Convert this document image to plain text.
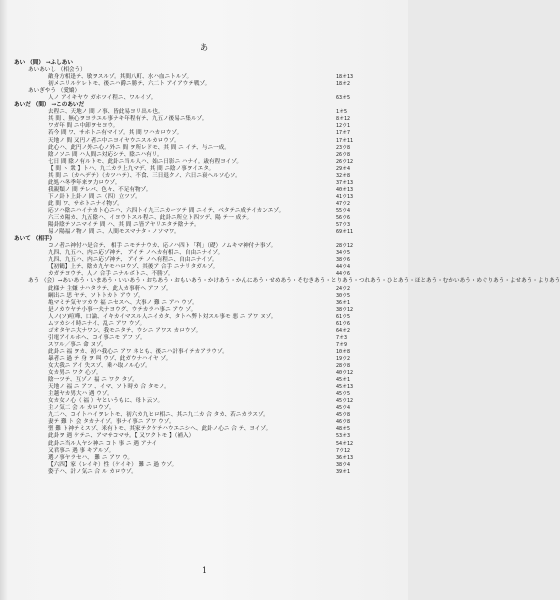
あ
あい （間） →ふしあい
あいあいし （相会う）
敵身方相逢テ、敏ヲスルゾ。其間八町、水ハ血ニトルゾ。	18オ13
初メニリルケレトモ、後ニハ爵ニ勝テ、六二ト アイアウテ戦ゾ。	18オ2
あいぎやう （愛嬌）
人ノ アイキヤウ ガホツイ程ニ、ワルイゾ。	63オ5
あいだ （間） →このあいだ
去程ニ、天地ノ 間 ノ事、皆此易ヨリ出ル也。	1オ5
其 間 、無心ヲヨラユル事ナキ年程有テ、九五ノ後易ニ集ルゾ。	8オ12
ワガ年 間 ニ中卸ヲセヨウ。	12ウ1
若今 間 ワ、サホトニ有マイゾ。其 間 ワハカロウゾ。	17オ7
天地ノ 間 又円ノ者ニ中ニヨイヤウニスルカロウゾ。	17オ11
此心ハ、此円ノ外ニ心ノ外ニ 間 ヲ所レドモ、其 間 ニ イテ、与ニ一成。	23ウ8
陰ノソニ 間 ハ人間ニ対応シテ、陰ニハ有リ。	26ウ8
七日 間 陰ノ有ルトモ、此卦ニ当ル人ハ、始ニ日影ニ ハナイ。歳有程ヨイゾ。	26ウ12
【 間 ヽ 衆 】トハ、九二カラ上九マデ、其 間 ニ陰ノ事ヲイエタ。	29オ4
其 間 ニ（カヘデテ）（カツハテ）、不食、三日退クノ、六日ニ衰ヘルソ心ソ。	32オ8
此処ハ冬季年来ヲ力ロウゾ。	37オ13
我親類ノ 間 テレバ、色々、不足有物ゾ。	40オ13
下ノ卦ト上卦ノ 間 ニ（四）立ツゾ。	41ウ13
此 間 ワ、サホトニナイ物ゾ。	47ウ2
応ソハ陰ニハイナカト心ニハ、六四トイ九三ニカーツテ 間 ニイテ、ベタテニ成テイカンエゾ。	55ウ4
六三カ陽カ、九五陰ハ、イヨウトスル程ニ、此卦ニ所立ト四ツデ、陽 テ一 成テ。	56ウ6
陽卦陰テソニマイテ 間 ハ、其 間 ニ皆アヤリエタテ陰ナテ。	57ウ3
易ノ陽福ノ物ノ 間 ニ、人間モスマナタ・ノソマワ。	69オ11
あいて （相手）
コノ者ニ神付ハ是合テ、 相手 ニモテナウカ、応ノハ四ト「利」（礎）ノムキマ神付ナ事ゾ。	28ウ12
九四、九五ハ、内ニ応ゾ神テ、 アイテ ノヘカ有相ニ、自由ニナイゾ。	34ウ5
九四、九五ハ、内ニ応ゾ神テ、 アイテ ノヘ有程ニ、自由ニナイゾ。	38ウ6
【初鶴】上テ、陰カ九ヤモハロウゾ、其後ア 合手 ニナリタガルゾ。	44ウ4
カガテヨウテ、人ノ 合手 ニナルボトニ、不勝ゾ。	44ウ6
あう （会）→あいあう・いまあう・いいあう・おちあう・おもいあう・かけあう・かんにあう・せめあう・そむきあう・とりあう・つれあう・ひとあう・ほとあう・むかいあう・めぐりあう・よせあう・よりあう
此様ナ 主嫌 ナハタラテ、此人カ事軒ヘ アフ ゾ。	24ウ2
綱出ニ 思 ヤテ、ソトトカト アウ ゾ。	30ウ5
亀マミテ気ヤツカウ 福 ニセスヘ、大事ノ 難 ニ アハ ウゾ。	36オ1
是ノカウヤテ小事一夫ナヨウグ、ウテカラハ事ニ アウ ゾ。	38ウ12
人ノ(ソ)喧嘩、口論、イキカイマスル人ニイカタ、タトヘ弊ト対スル事モ 悪 ニ アワ ヌゾ。	61ウ5
ムツカシイ時ニナイ、乱ニ アワ ウゾ。	61ウ6
ゴオタヤニ大ナワン、我モニタテ、ウシニ アワス カロウゾ。	64オ2
引電アイルホヘ、コイ事ニモ アフ ゾ。	7オ3
スワル／事ニ 命 ヌゾ。	7オ9
此卦ニ 福 ヲカ、初ハ我心ニ アワ ネとも、後ニハ計事イテカアラウゾ。	10オ8
暴者ニ 過 テ 身 ヲ 叫 ウゾ、此ガウナハイヤ ゾ。	19ウ2
女大我ニ アイ 失スゾ、乗ハ取ノル心ゾ。	28ウ8
女カ男ニ ワク 心ゾ。	40ウ12
陰一ツテ、互ゾノ 福 ニ ワク タゾ。	45オ1
天地ノ 福 ニ アフ 、イマ、ソト時カ 合 タモノ。	45オ13
主越ヤカ男大ハ 遇 ウゾ。	45ウ5
女カ女ノ心（ 福 ）ヤというもに、母ト云ソ。	45ウ12
主ノ気二 会 ル カロウゾ。	45ウ4
九二ハ、コイトハイヲレトモ、初六カ九ヒロ相ニ、其ニ九二カ 合 タカ、若ニカラスゾ。	45ウ8
妻テ 難 ト 会 タカナイゾ。事ナイ事ニ アワ ウゾ。	46ウ8
聖 難 ト神テミスゾ、米有トモ、其家テクケテハウエニシヘ、此卦ノ心ニ 合 テ、ヨイゾ。	48オ5
此卦ヲ 遇 ケテニ、アマサコマサ。【 又ワクトモ 】（補入）	53オ3
此卦ニ当ル人ヤシ神ニ コト 事 ニ 遇 アナイ	54オ12
又君事ニ 遇 事 キアルゾ。	7ウ12
選ノ事ヤラセハ、 難 ニ アワ ウ。	36オ13
【六四】家（レイキ）性（ケイキ） 難 ニ 過 ウゾ。	38ウ4
姿子ハ、計ノ気ニ 合 ル カロウゾ。	39オ1
1
